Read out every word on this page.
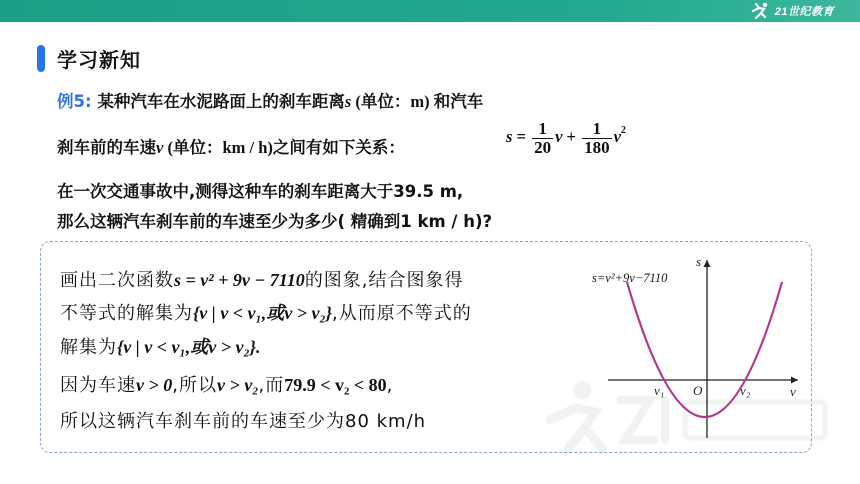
21世纪教育
学习新知
例5: 某种汽车在水泥路面上的刹车距离s (单位：m) 和汽车
刹车前的车速v (单位：km / h)之间有如下关系：
$s = \frac{1}{20}$ $v + \frac{1}{180} v^2$
在一次交通事故中,测得这种车的刹车距离大于39.5 m,
那么这辆汽车刹车前的车速至少为多少( 精确到1 km / h)?
画出二次函数s = v² + 9v − 7110的图象,结合图象得
不等式的解集为{v | v < v₁,或v > v₂},从而原不等式的
解集为{v | v < v₁,或v > v₂}.
因为车速v > 0,所以v > v₂,而79.9 < v₂ < 80,
所以这辆汽车刹车前的车速至少为80 km/h
s
v
O
v₁	v₂
s=v²+9v−7110
